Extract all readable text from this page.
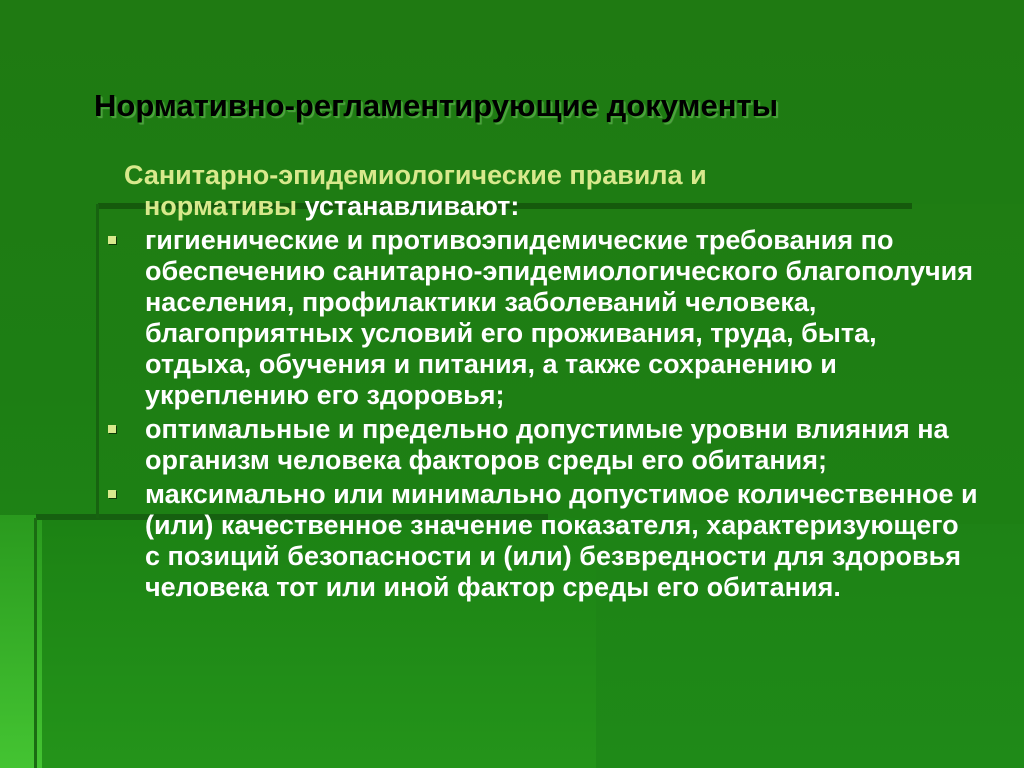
Нормативно-регламентирующие документы

Санитарно-эпидемиологические правила и
нормативы устанавливают:

гигиенические и противоэпидемические требования по обеспечению санитарно-эпидемиологического благополучия населения, профилактики заболеваний человека, благоприятных условий его проживания, труда, быта, отдыха, обучения и питания, а также сохранению и укреплению его здоровья;
оптимальные и предельно допустимые уровни влияния на организм человека факторов среды его обитания;
максимально или минимально допустимое количественное и (или) качественное значение показателя, характеризующего с позиций безопасности и (или) безвредности для здоровья человека тот или иной фактор среды его обитания.
